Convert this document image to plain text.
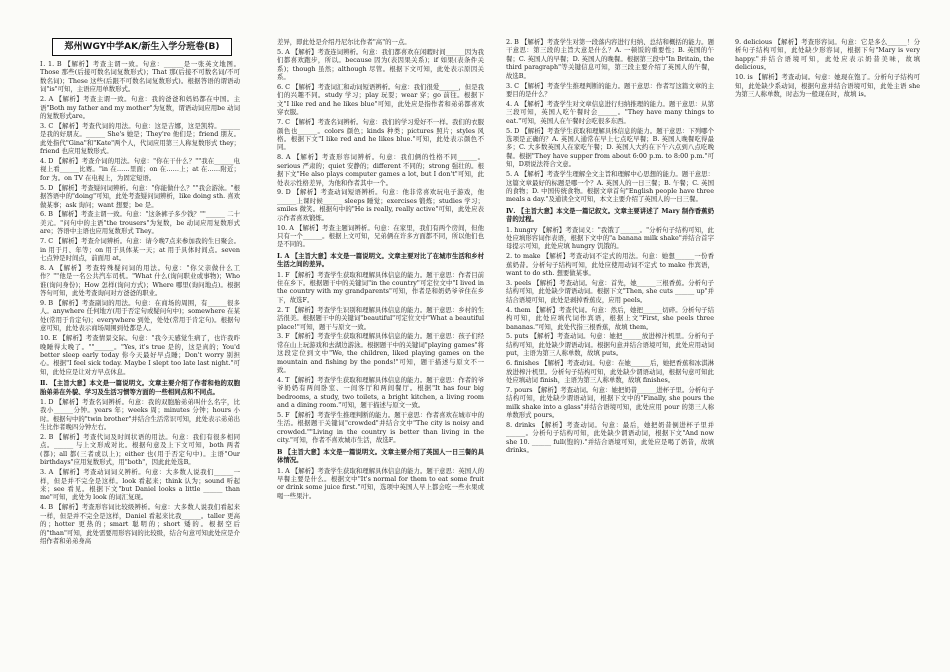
郑州WGY中学AK/新生入学分班卷(B)
Ⅰ. 1. B 【解析】考查主谓一致。句意：______是一张英文地图。Those 那些(后接可数名词复数形式)；That 那(后接不可数名词/不可数名词)；These 这些(后跟不可数名词复数形式)。根据答语的谓语动词"is"可知，主语应用单数形式。
2. A 【解析】考查主谓一致。句意：我的爸爸和妈妈都在中国。主语"Both my father and my mother"为复数，谓语动词应用be 动词的复数形式are。
3. C 【解析】考查代词的用法。句意：这是吉娜，这是凯特。______是我的好朋友。______ She's 她是；They're 他们是；friend 朋友。此处指代"Gina"和"Kate"两个人，代词应用第三人称复数形式 they；friend 也应用复数形式。
4. D 【解析】考查介词的用法。句意："你在干什么？""我在______电视上看______比赛。"in 在……里面；on 在……上；at 在……附近；for 为。on TV 在电视上，为固定短语。
5. D 【解析】考查疑问词辨析。句意："你能做什么？""我会游泳。"根据答语中的"doing"可知，此处考查疑问词辨析，like doing sth. 喜欢做某事；ask 询问；want 想要；be 是。
6. B 【解析】考查主谓一致。句意："这条裤子多少钱？""______ 二十美元。"问句中的主语"the trousers"为复数，be 动词应用复数形式 are；答语中主语也应用复数形式 They。
7. C 【解析】考查介词辨析。句意：请今晚7点来参加我的生日聚会。in 用于月、年等；on 用于具体某一天；at 用于具体时间点。seven 七点钟是时间点，前面用 at。
8. A 【解析】考查特殊疑问词的用法。句意："你父亲做什么工作？""他是一名公共汽车司机。"What 什么(询问职业或事物)；Who 谁(询问身份)；How 怎样(询问方式)；Where 哪里(询问地点)。根据答句可知，此处考查询问对方爸爸的职业。
9. B 【解析】考查副词的用法。句意：在商场的周围，有______很多人。anywhere 任何地方(用于否定句或疑问句中)；somewhere 在某处(常用于肯定句)；everywhere 到处，处处(常用于肯定句)。根据句意可知，此处表示商场周围到处都是人。
10. E 【解析】考查情景交际。句意："我今天感觉生病了，也许我昨晚睡得太晚了。""______。"Yes, it's true 是的，这是真的；You'd better sleep early today 你今天最好早点睡；Don't worry 别担心。根据"I feel sick today. Maybe I slept too late last night."可知，此处应是让对方早点休息。
Ⅱ. 【主旨大意】本文是一篇说明文。文章主要介绍了作者和他的双胞胎弟弟在外貌、学习及生活习惯等方面的一些相同点和不同点。
1. D 【解析】考查名词辨析。句意：我的双胞胎弟弟叫什么名字，比我小______分钟。years 年；weeks 周；minutes 分钟；hours 小时。根据句中的"twin brother"并结合生活常识可知，此处表示弟弟出生比作者晚四分钟左右。
2. B 【解析】考查代词及时间状语的用法。句意：我们有很多相同点。______ 与上文形成对比。根据句意及上下文可知，both 两者(都)；all 都(三者或以上)；either 也(用于否定句中)。主语"Our birthdays"应用复数形式，用"both"，因此此处选B。
3. A 【解析】考查动词词义辨析。句意：大多数人说我们______一样，但是并不完全是这样。look 看起来；think 认为；sound 听起来；see 看见。根据下文"but Daniel looks a little ______ than me"可知，此处为 look 的词汇复现。
4. B 【解析】考查形容词比较级辨析。句意：大多数人说我们看起来一样，但是并不完全是这样，Daniel 看起来比我______。taller 更高的；hotter 更热的；smart 聪明的；short 矮的。根据空后的"than"可知，此处需要用形容词的比较级，结合句意可知此处应是介绍作者和弟弟身高
差异，即此处是介绍丹尼尔比作者"高"的一点。
5. A 【解析】考查连词辨析。句意：我们都喜欢在闲暇时间______因为我们都喜欢跑步，所以。because 因为(表因果关系)；if 如果(表条件关系)；though 虽然；although 尽管。根据下文可知，此处表示原因关系。
6. C 【解析】考查词汇和动词短语辨析。句意：我们很爱______，但是我们的兴趣不同。study 学习；play 玩耍；wear 穿；go 前往。根据下文"I like red and he likes blue"可知，此处应是指作者和弟弟都喜欢穿衣服。
7. C 【解析】考查名词辨析。句意：我们的学习爱好不一样。我们的衣服颜色也______。colors 颜色；kinds 种类；pictures 照片；styles 风格。根据下文"I like red and he likes blue."可知，此处表示颜色不同。
8. A 【解析】考查形容词辨析。句意：我们俩的性格不同______。serious 严肃的；quiet 安静的；different 不同的；strong 强壮的。根据下文"He also plays computer games a lot, but I don't"可知，此处表示性格差异，为他和作者其中一个。
9. D 【解析】考查动词短语辨析。句意：他非常喜欢玩电子游戏，他______上课时候______ sleeps 睡觉；exercises 锻炼；studies 学习；smiles 微笑。根据句中的"He is really, really active"可知，此处应表示作者喜欢锻炼。
10. A 【解析】考查主题词辨析。句意：在家里，我们有两个房间，但他只有一个______。根据上文可知，兄弟俩在许多方面都不同，所以他们也是不同的。
Ⅰ. A 【主旨大意】本文是一篇说明文。文章主要对比了在城市生活和乡村生活之间的差异。
1. F 【解析】考查学生获取和理解具体信息的能力。题干意思：作者目前住在乡下。根据题干中的关键词"in the country"可定位文中"I lived in the country with my grandparents"可知，作者是和奶奶爷爷住在乡下，故选F。
2. T 【解析】考查学生识别和理解具体信息的能力。题干意思：乡村的生活很美。根据题干中的关键词"beautiful"可定位文中"What a beautiful place!"可知，题干与原文一致。
3. F 【解析】考查学生获取和理解具体信息的能力。题干意思：孩子们经常在山上玩游戏和去湖边游泳。根据题干中的关键词"playing games"将这段定位到文中"We, the children, liked playing games on the mountain and fishing by the ponds!"可知，题干描述与原文不一致。
4. T 【解析】考查学生获取和理解具体信息的能力。题干意思：作者的爷爷奶奶有两间卧室、一间客厅和两间餐厅。根据"It has four big bedrooms, a study, two toilets, a bright kitchen, a living room and a dining room."可知，题干描述与原文一致。
5. F 【解析】考查学生推理判断的能力。题干意思：作者喜欢在城市中的生活。根据题干关键词"crowded"并结合文中"The city is noisy and crowded.""Living in the country is better than living in the city."可知，作者不喜欢城市生活，故选F。
B 【主旨大意】本文是一篇说明文。文章主要介绍了英国人一日三餐的具体情况。
1. A 【解析】考查学生获取和理解具体信息的能力。题干意思：英国人的早餐主要是什么。根据文中"It's normal for them to eat some fruit or drink some juice first."可知，选项中英国人早上都会吃一些水果或喝一些果汁。
2. B 【解析】考查学生对第一段落内容进行归纳、总结和概括的能力。题干意思：第三段的主旨大意是什么？A. 一顿饭的重要性；B. 英国的午餐；C. 英国人的早餐；D. 英国人的晚餐。根据第三段中"In Britain, the third paragraph"等关键信息可知，第三段主要介绍了英国人的午餐，故选B。
3. C 【解析】考查学生推理判断的能力。题干意思：作者写这篇文章的主要目的是什么？
4. A 【解析】考查学生对文章信息进行归纳推理的能力。题干意思：从第三段可知，英国人吃午餐时会______。"They have many things to eat."可知，英国人在午餐时会吃很多东西。
5. D 【解析】考查学生获取和理解具体信息的能力。题干意思：下列哪个选项是正确的？A. 英国人通常在早上七点吃早餐；B. 英国人晚餐吃得最多；C. 大多数英国人在家吃午餐；D. 英国人大约在下午六点到八点吃晚餐。根据"They have supper from about 6:00 p.m. to 8:00 p.m."可知，D项说法符合文意。
5. A 【解析】考查学生理解全文主旨和理解中心思想的能力。题干意思：这篇文章最好的标题是哪一个？A. 英国人的一日三餐；B. 午餐；C. 英国的食物；D. 中国传统食物。根据文章首句"English people have three meals a day."及通读全文可知，本文主要介绍了英国人的一日三餐。
Ⅳ. 【主旨大意】本文是一篇记叙文。文章主要讲述了 Mary 制作香蕉奶昔的过程。
1. hungry 【解析】考查词义："我饿了______。"分析句子结构可知，此处应填形容词作表语，根据下文中的"a banana milk shake"并结合首字母提示可知，此处应填 hungry 饥饿的。
2. to make 【解析】考查动词不定式的用法。句意：她想______一份香蕉奶昔。分析句子结构可知，此处应使用动词不定式 to make 作宾语，want to do sth. 想要做某事。
3. peels 【解析】考查动词。句意：首先，她______三根香蕉。分析句子结构可知，此处缺少谓语动词。根据下文"Then, she cuts ______ up"并结合语境可知，此处是剥掉香蕉皮，应用 peels。
4. them 【解析】考查代词。句意：然后，她把______切碎。分析句子结构可知，此处应填代词作宾语，根据上文"First, she peels three bananas."可知，此处代指三根香蕉，故填 them。
5. puts 【解析】考查动词。句意：她把______放进榨汁机里。分析句子结构可知，此处缺少谓语动词。根据句意并结合语境可知，此处应用动词 put，主语为第三人称单数，故填 puts。
6. finishes 【解析】考查动词。句意：在她______后，她把香蕉和冰淇淋放进榨汁机里。分析句子结构可知，此处缺少谓语动词，根据句意可知此处应填动词 finish，主语为第三人称单数，故填 finishes。
7. pours 【解析】考查动词。句意：她把奶昔______进杯子里。分析句子结构可知，此处缺少谓语动词，根据下文中的"Finally, she pours the milk shake into a glass"并结合语境可知，此处应用 pour 的第三人称单数形式 pours。
8. drinks 【解析】考查动词。句意：最后，她把奶昔倒进杯子里并______。分析句子结构可知，此处缺少谓语动词，根据下文"And now she 10. ______ full(饱的)."并结合语境可知，此处应是喝了奶昔，故填 drinks。
9. delicious 【解析】考查形容词。句意：它是多么______！分析句子结构可知，此处缺少形容词，根据下句"Mary is very happy."并结合语境可知，此处应表示奶昔美味，故填 delicious。
10. is 【解析】考查动词。句意：她现在饱了。分析句子结构可知，此处缺少系动词，根据句意并结合语境可知，此处主语 she 为第三人称单数，时态为一般现在时，故填 is。
